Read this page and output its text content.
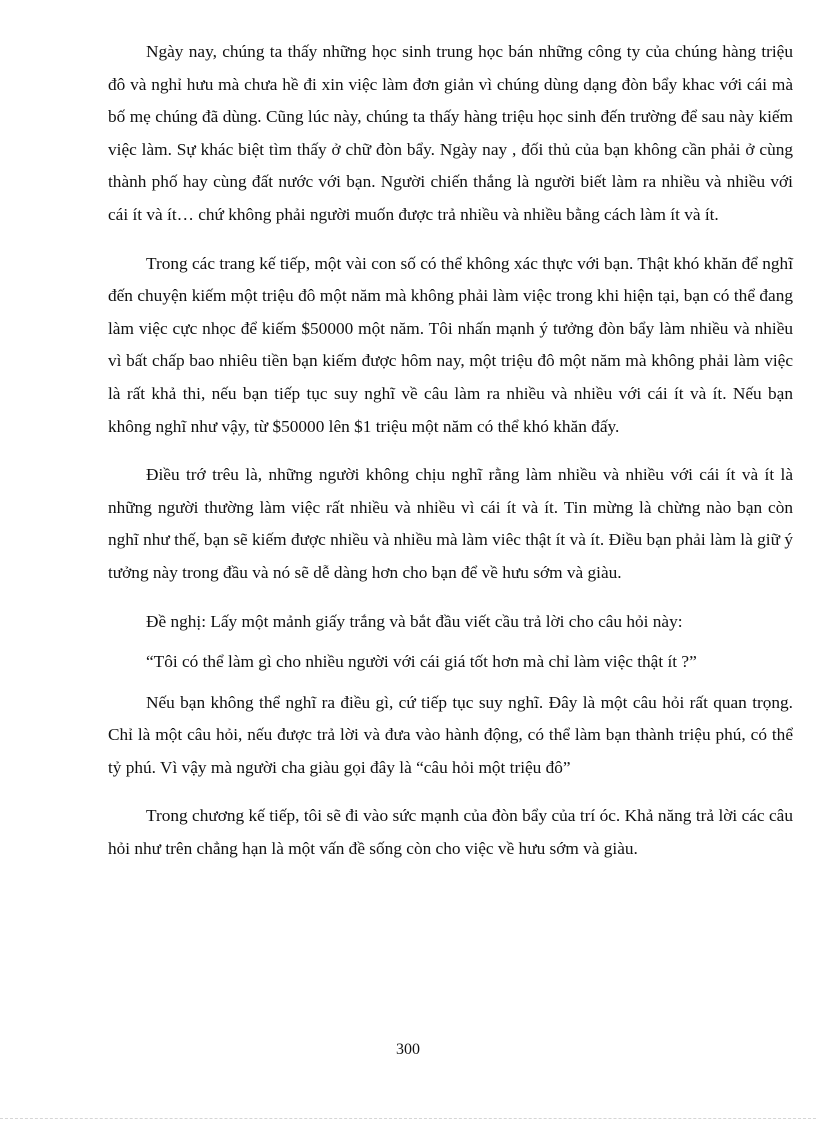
Ngày nay, chúng ta thấy những học sinh trung học bán những công ty của chúng hàng triệu đô và nghỉ hưu mà chưa hề đi xin việc làm đơn giản vì chúng dùng dạng đòn bẩy khac với cái mà bố mẹ chúng đã dùng. Cũng lúc này, chúng ta thấy hàng triệu học sinh đến trường để sau này kiếm việc làm. Sự khác biệt tìm thấy ở chữ đòn bẩy. Ngày nay , đối thủ của bạn không cần phải ở cùng thành phố hay cùng đất nước với bạn. Người chiến thắng là người biết làm ra nhiều và nhiều với cái ít và ít… chứ không phải người muốn được trả nhiều và nhiều bằng cách làm ít và ít.

Trong các trang kế tiếp, một vài con số có thể không xác thực với bạn. Thật khó khăn để nghĩ đến chuyện kiếm một triệu đô một năm mà không phải làm việc trong khi hiện tại, bạn có thể đang làm việc cực nhọc để kiếm $50000 một năm. Tôi nhấn mạnh ý tưởng đòn bẩy làm nhiều và nhiều vì bất chấp bao nhiêu tiền bạn kiếm được hôm nay, một triệu đô một năm mà không phải làm việc là rất khả thi, nếu bạn tiếp tục suy nghĩ về câu làm ra nhiều và nhiều với cái ít và ít. Nếu bạn không nghĩ như vậy, từ $50000 lên $1 triệu một năm có thể khó khăn đấy.

Điều trớ trêu là, những người không chịu nghĩ rằng làm nhiều và nhiều với cái ít và ít là những người thường làm việc rất nhiều và nhiều vì cái ít và ít. Tin mừng là chừng nào bạn còn nghĩ như thế, bạn sẽ kiếm được nhiều và nhiều mà làm viêc thật ít và ít. Điều bạn phải làm là giữ ý tưởng này trong đầu và nó sẽ dễ dàng hơn cho bạn để về hưu sớm và giàu.

Đề nghị: Lấy một mảnh giấy trắng và bắt đầu viết cầu trả lời cho câu hỏi này:

“Tôi có thể làm gì cho nhiều người với cái giá tốt hơn mà chỉ làm việc thật ít ?”

Nếu bạn không thể nghĩ ra điều gì, cứ tiếp tục suy nghĩ. Đây là một câu hỏi rất quan trọng. Chỉ là một câu hỏi, nếu được trả lời và đưa vào hành động, có thể làm bạn thành triệu phú, có thể tỷ phú. Vì vậy mà người cha giàu gọi đây là “câu hỏi một triệu đô”

Trong chương kế tiếp, tôi sẽ đi vào sức mạnh của đòn bẩy của trí óc. Khả năng trả lời các câu hỏi như trên chẳng hạn là một vấn đề sống còn cho việc về hưu sớm và giàu.

300
